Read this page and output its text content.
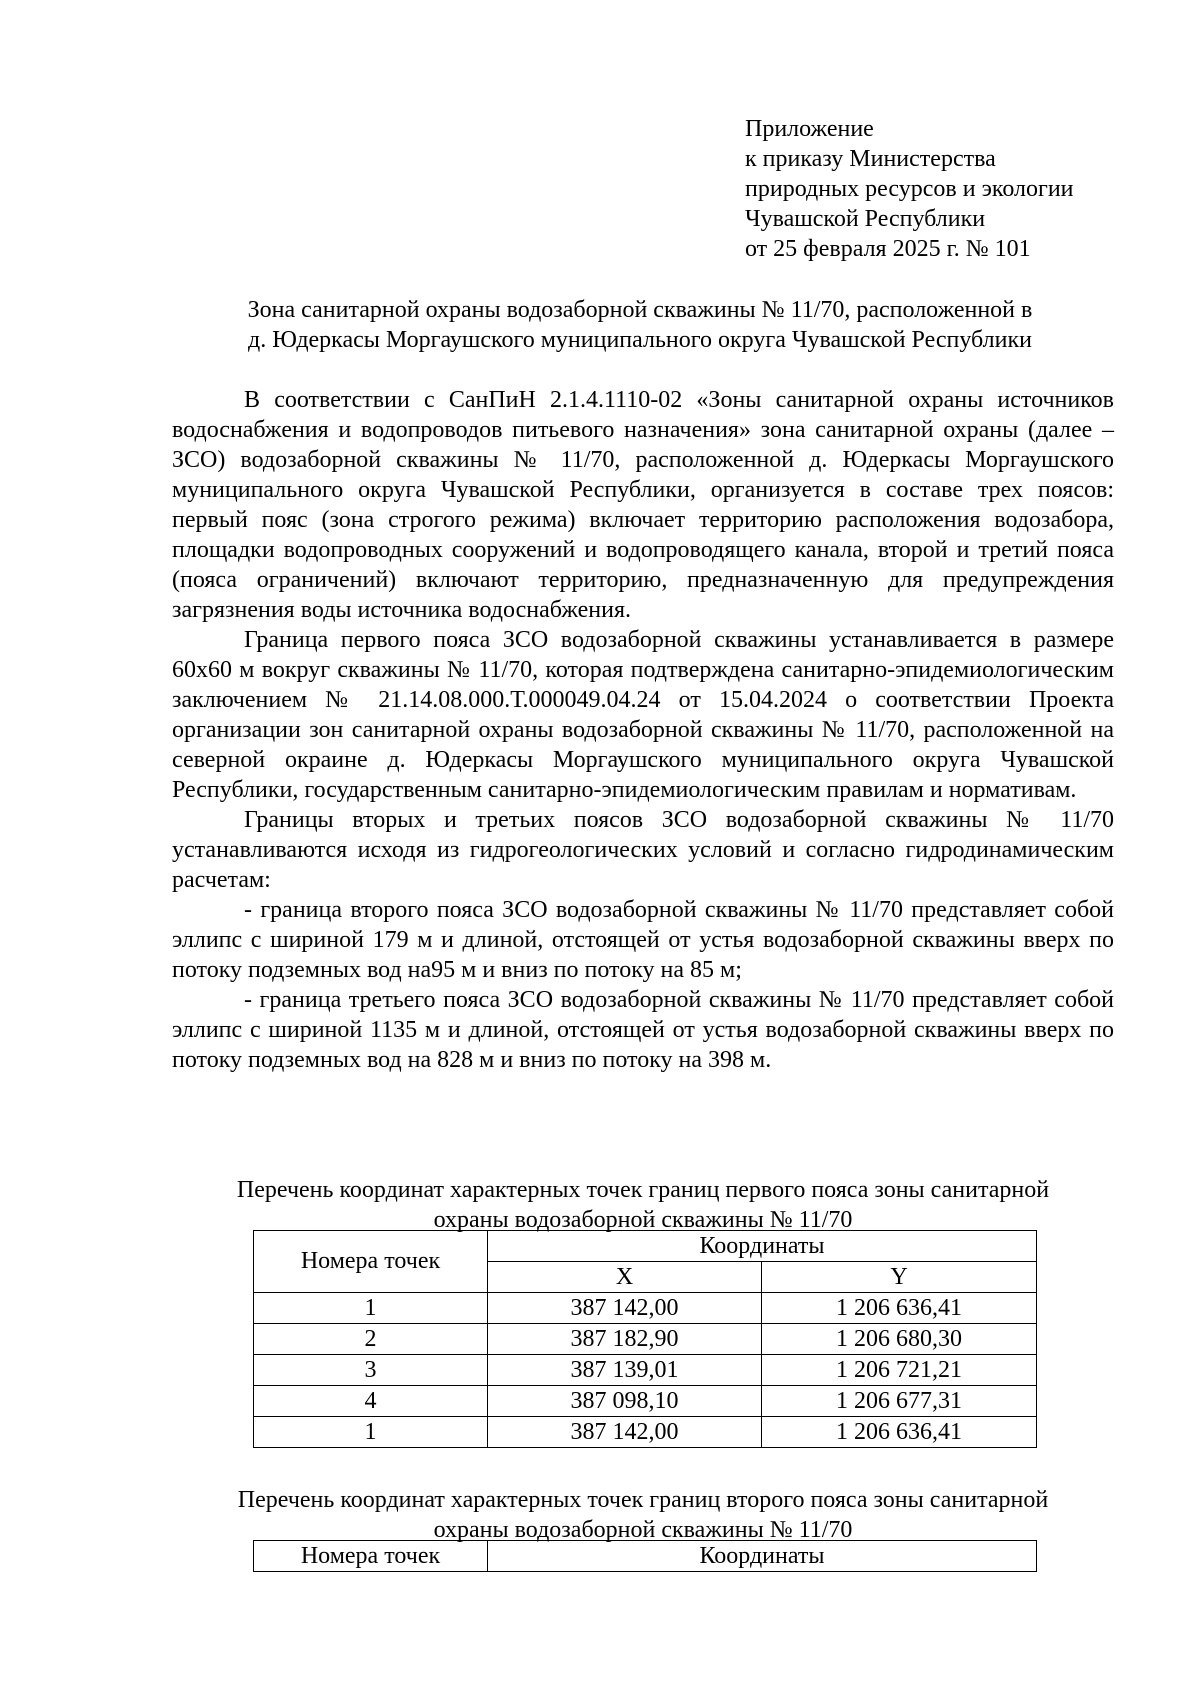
Приложение
к приказу Министерства
природных ресурсов и экологии
Чувашской Республики
от 25 февраля 2025 г. № 101
Зона санитарной охраны водозаборной скважины № 11/70, расположенной в
д. Юдеркасы Моргаушского муниципального округа Чувашской Республики

В соответствии с СанПиН 2.1.4.1110-02 «Зоны санитарной охраны источников водоснабжения и водопроводов питьевого назначения» зона санитарной охраны (далее – ЗСО) водозаборной скважины № 11/70, расположенной д. Юдеркасы Моргаушского муниципального округа Чувашской Республики, организуется в составе трех поясов: первый пояс (зона строгого режима) включает территорию расположения водозабора, площадки водопроводных сооружений и водопроводящего канала, второй и третий пояса (пояса ограничений) включают территорию, предназначенную для предупреждения загрязнения воды источника водоснабжения.

Граница первого пояса ЗСО водозаборной скважины устанавливается в размере 60х60 м вокруг скважины № 11/70, которая подтверждена санитарно-эпидемиологическим заключением № 21.14.08.000.Т.000049.04.24 от 15.04.2024 о соответствии Проекта организации зон санитарной охраны водозаборной скважины № 11/70, расположенной на северной окраине д. Юдеркасы Моргаушского муниципального округа Чувашской Республики, государственным санитарно-эпидемиологическим правилам и нормативам.

Границы вторых и третьих поясов ЗСО водозаборной скважины № 11/70 устанавливаются исходя из гидрогеологических условий и согласно гидродинамическим расчетам:

- граница второго пояса ЗСО водозаборной скважины № 11/70 представляет собой эллипс с шириной 179 м и длиной, отстоящей от устья водозаборной скважины вверх по потоку подземных вод на95 м и вниз по потоку на 85 м;

- граница третьего пояса ЗСО водозаборной скважины № 11/70 представляет собой эллипс с шириной 1135 м и длиной, отстоящей от устья водозаборной скважины вверх по потоку подземных вод на 828 м и вниз по потоку на 398 м.

Перечень координат характерных точек границ первого пояса зоны санитарной
охраны водозаборной скважины № 11/70
Номера точек	Координаты	
	X	Y
1	387 142,00	1 206 636,41
2	387 182,90	1 206 680,30
3	387 139,01	1 206 721,21
4	387 098,10	1 206 677,31
1	387 142,00	1 206 636,41
Перечень координат характерных точек границ второго пояса зоны санитарной
охраны водозаборной скважины № 11/70
Номера точек	Координаты
